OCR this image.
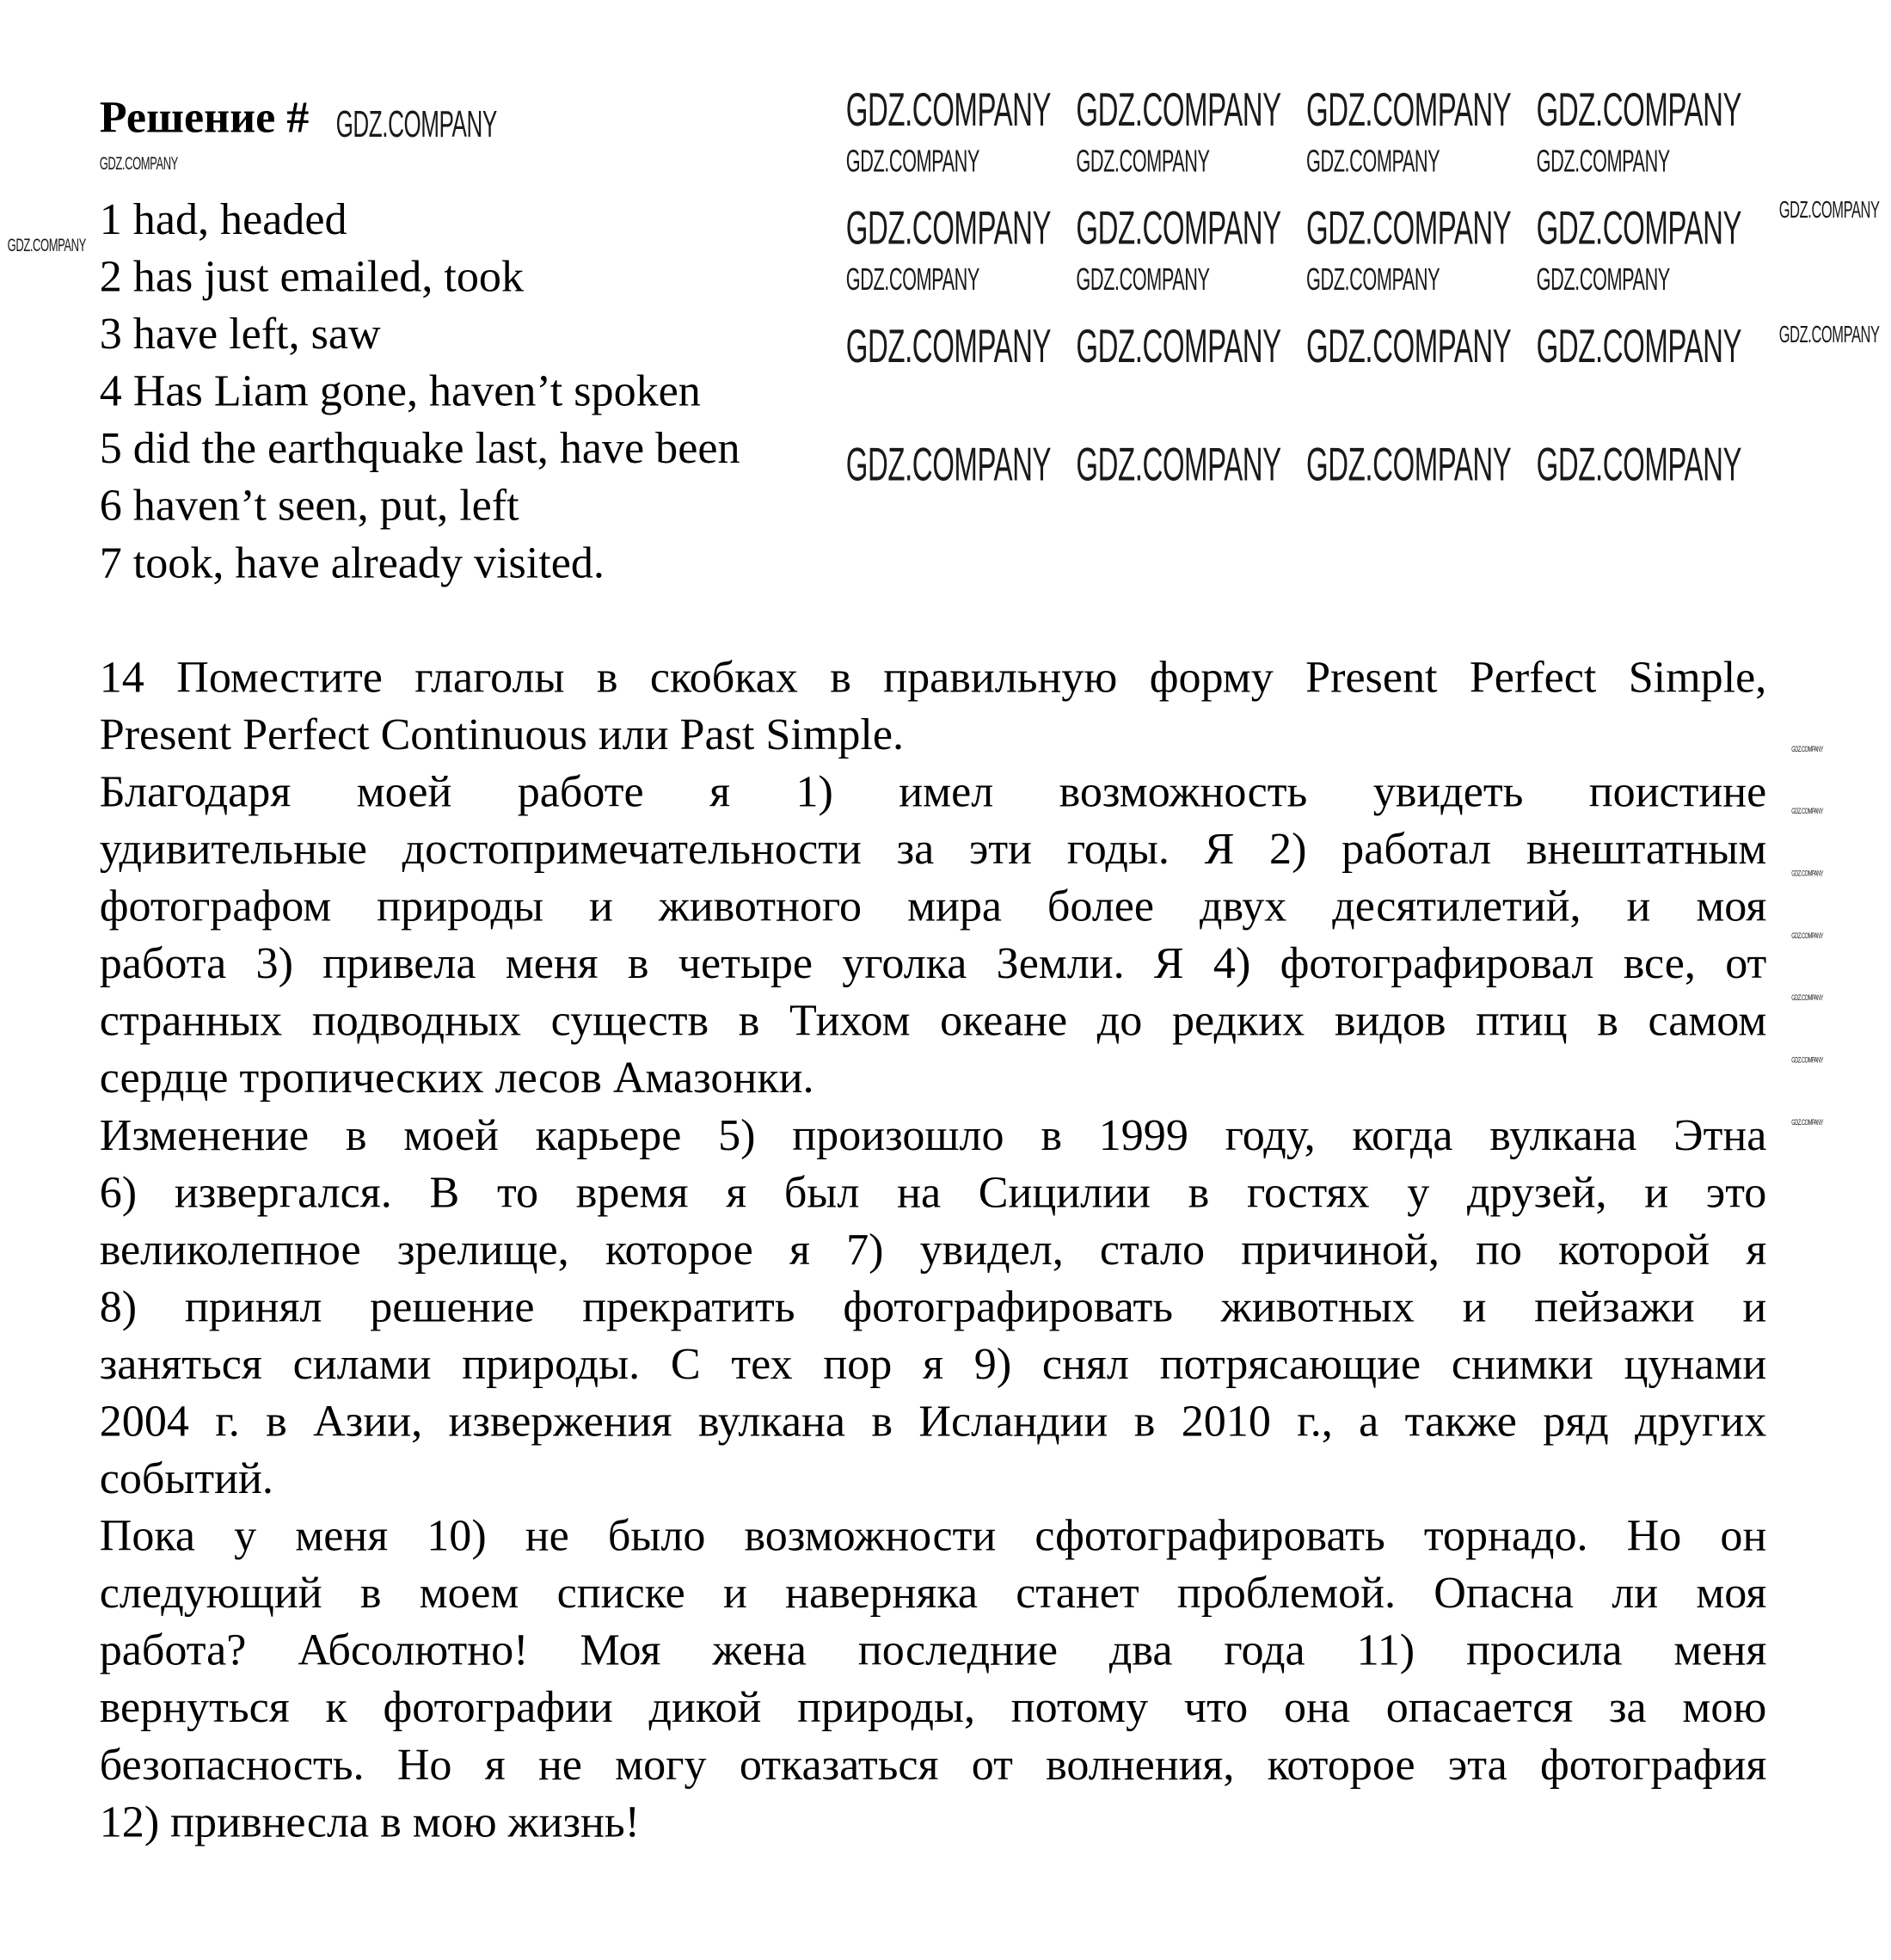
Решение #
1 had, headed
2 has just emailed, took
3 have left, saw
4 Has Liam gone, haven’t spoken
5 did the earthquake last, have been
6 haven’t seen, put, left
7 took, have already visited.
14 Поместите глаголы в скобках в правильную форму Present Perfect Simple,
Present Perfect Continuous или Past Simple.
Благодаря моей работе я 1) имел возможность увидеть поистине
удивительные достопримечательности за эти годы. Я 2) работал внештатным
фотографом природы и животного мира более двух десятилетий, и моя
работа 3) привела меня в четыре уголка Земли. Я 4) фотографировал все, от
странных подводных существ в Тихом океане до редких видов птиц в самом
сердце тропических лесов Амазонки.
Изменение в моей карьере 5) произошло в 1999 году, когда вулкана Этна
6) извергался. В то время я был на Сицилии в гостях у друзей, и это
великолепное зрелище, которое я 7) увидел, стало причиной, по которой я
8) принял решение прекратить фотографировать животных и пейзажи и
заняться силами природы. С тех пор я 9) снял потрясающие снимки цунами
2004 г. в Азии, извержения вулкана в Исландии в 2010 г., а также ряд других
событий.
Пока у меня 10) не было возможности сфотографировать торнадо. Но он
следующий в моем списке и наверняка станет проблемой. Опасна ли моя
работа? Абсолютно! Моя жена последние два года 11) просила меня
вернуться к фотографии дикой природы, потому что она опасается за мою
безопасность. Но я не могу отказаться от волнения, которое эта фотография
12) привнесла в мою жизнь!
GDZ.COMPANY GDZ.COMPANY GDZ.COMPANY GDZ.COMPANY
GDZ.COMPANY GDZ.COMPANY GDZ.COMPANY GDZ.COMPANY
GDZ.COMPANY GDZ.COMPANY GDZ.COMPANY GDZ.COMPANY
GDZ.COMPANY GDZ.COMPANY GDZ.COMPANY GDZ.COMPANY
GDZ.COMPANY	GDZ.COMPANY	GDZ.COMPANY	GDZ.COMPANY
GDZ.COMPANY	GDZ.COMPANY	GDZ.COMPANY	GDZ.COMPANY
GDZ.COMPANY
GDZ.COMPANY
GDZ.COMPANY
GDZ.COMPANY
GDZ.COMPANY
GDZ.COMPANY
GDZ.COMPANY
GDZ.COMPANY
GDZ.COMPANY
GDZ.COMPANY
GDZ.COMPANY
GDZ.COMPANY
